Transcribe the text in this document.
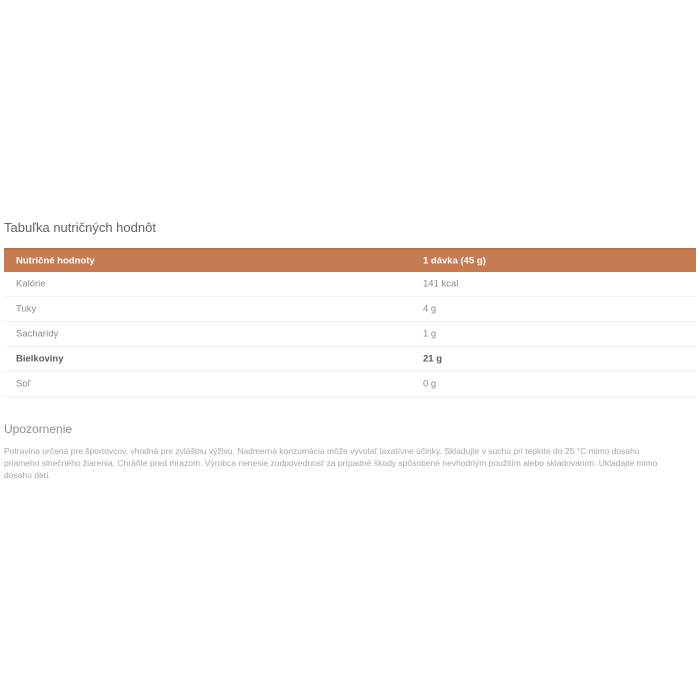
Tabuľka nutričných hodnôt
Nutričné hodnoty	1 dávka (45 g)
Kalórie	141 kcal
Tuky	4 g
Sacharidy	1 g
Bielkoviny	21 g
Soľ	0 g
Upozornenie
Potravina určená pre športovcov, vhodná pre zvláštnu výživu. Nadmerná konzumácia môže vyvolať laxatívne účinky. Skladujte v suchu pri teplote do 25 °C mimo dosahu priameho slnečného žiarenia. Chráňte pred mrazom. Výrobca nenesie zodpovednosť za prípadné škody spôsobené nevhodným použitím alebo skladovaním. Ukladajte mimo dosahu detí.
